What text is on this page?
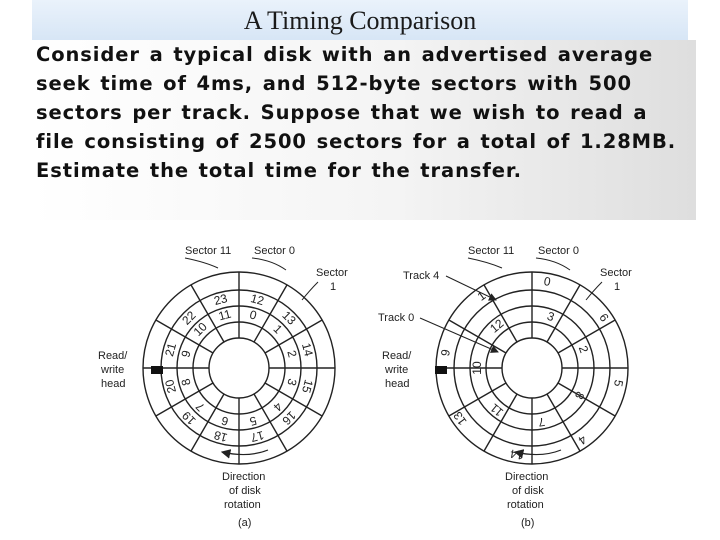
A Timing Comparison
Consider a typical disk with an advertised average seek time of 4ms, and 512-byte sectors with 500 sectors per track. Suppose that we wish to read a file consisting of 2500 sectors for a total of 1.28MB. Estimate the total time for the transfer.
12
13
14
15
16
17
18
19
20
21
22
23
0
1
2
3
4
5
6
7
8
9
10
11
Sector 11 Sector 0
Sector
1
Read/
write
head
Direction
of disk
rotation
(a)
14
13
9
1
0
6
5
4
3
2
8
7
11
10
12
Sector 11 Sector 0
Sector
1
Track 4
Track 0
Read/
write
head
Direction
of disk
rotation
(b)
